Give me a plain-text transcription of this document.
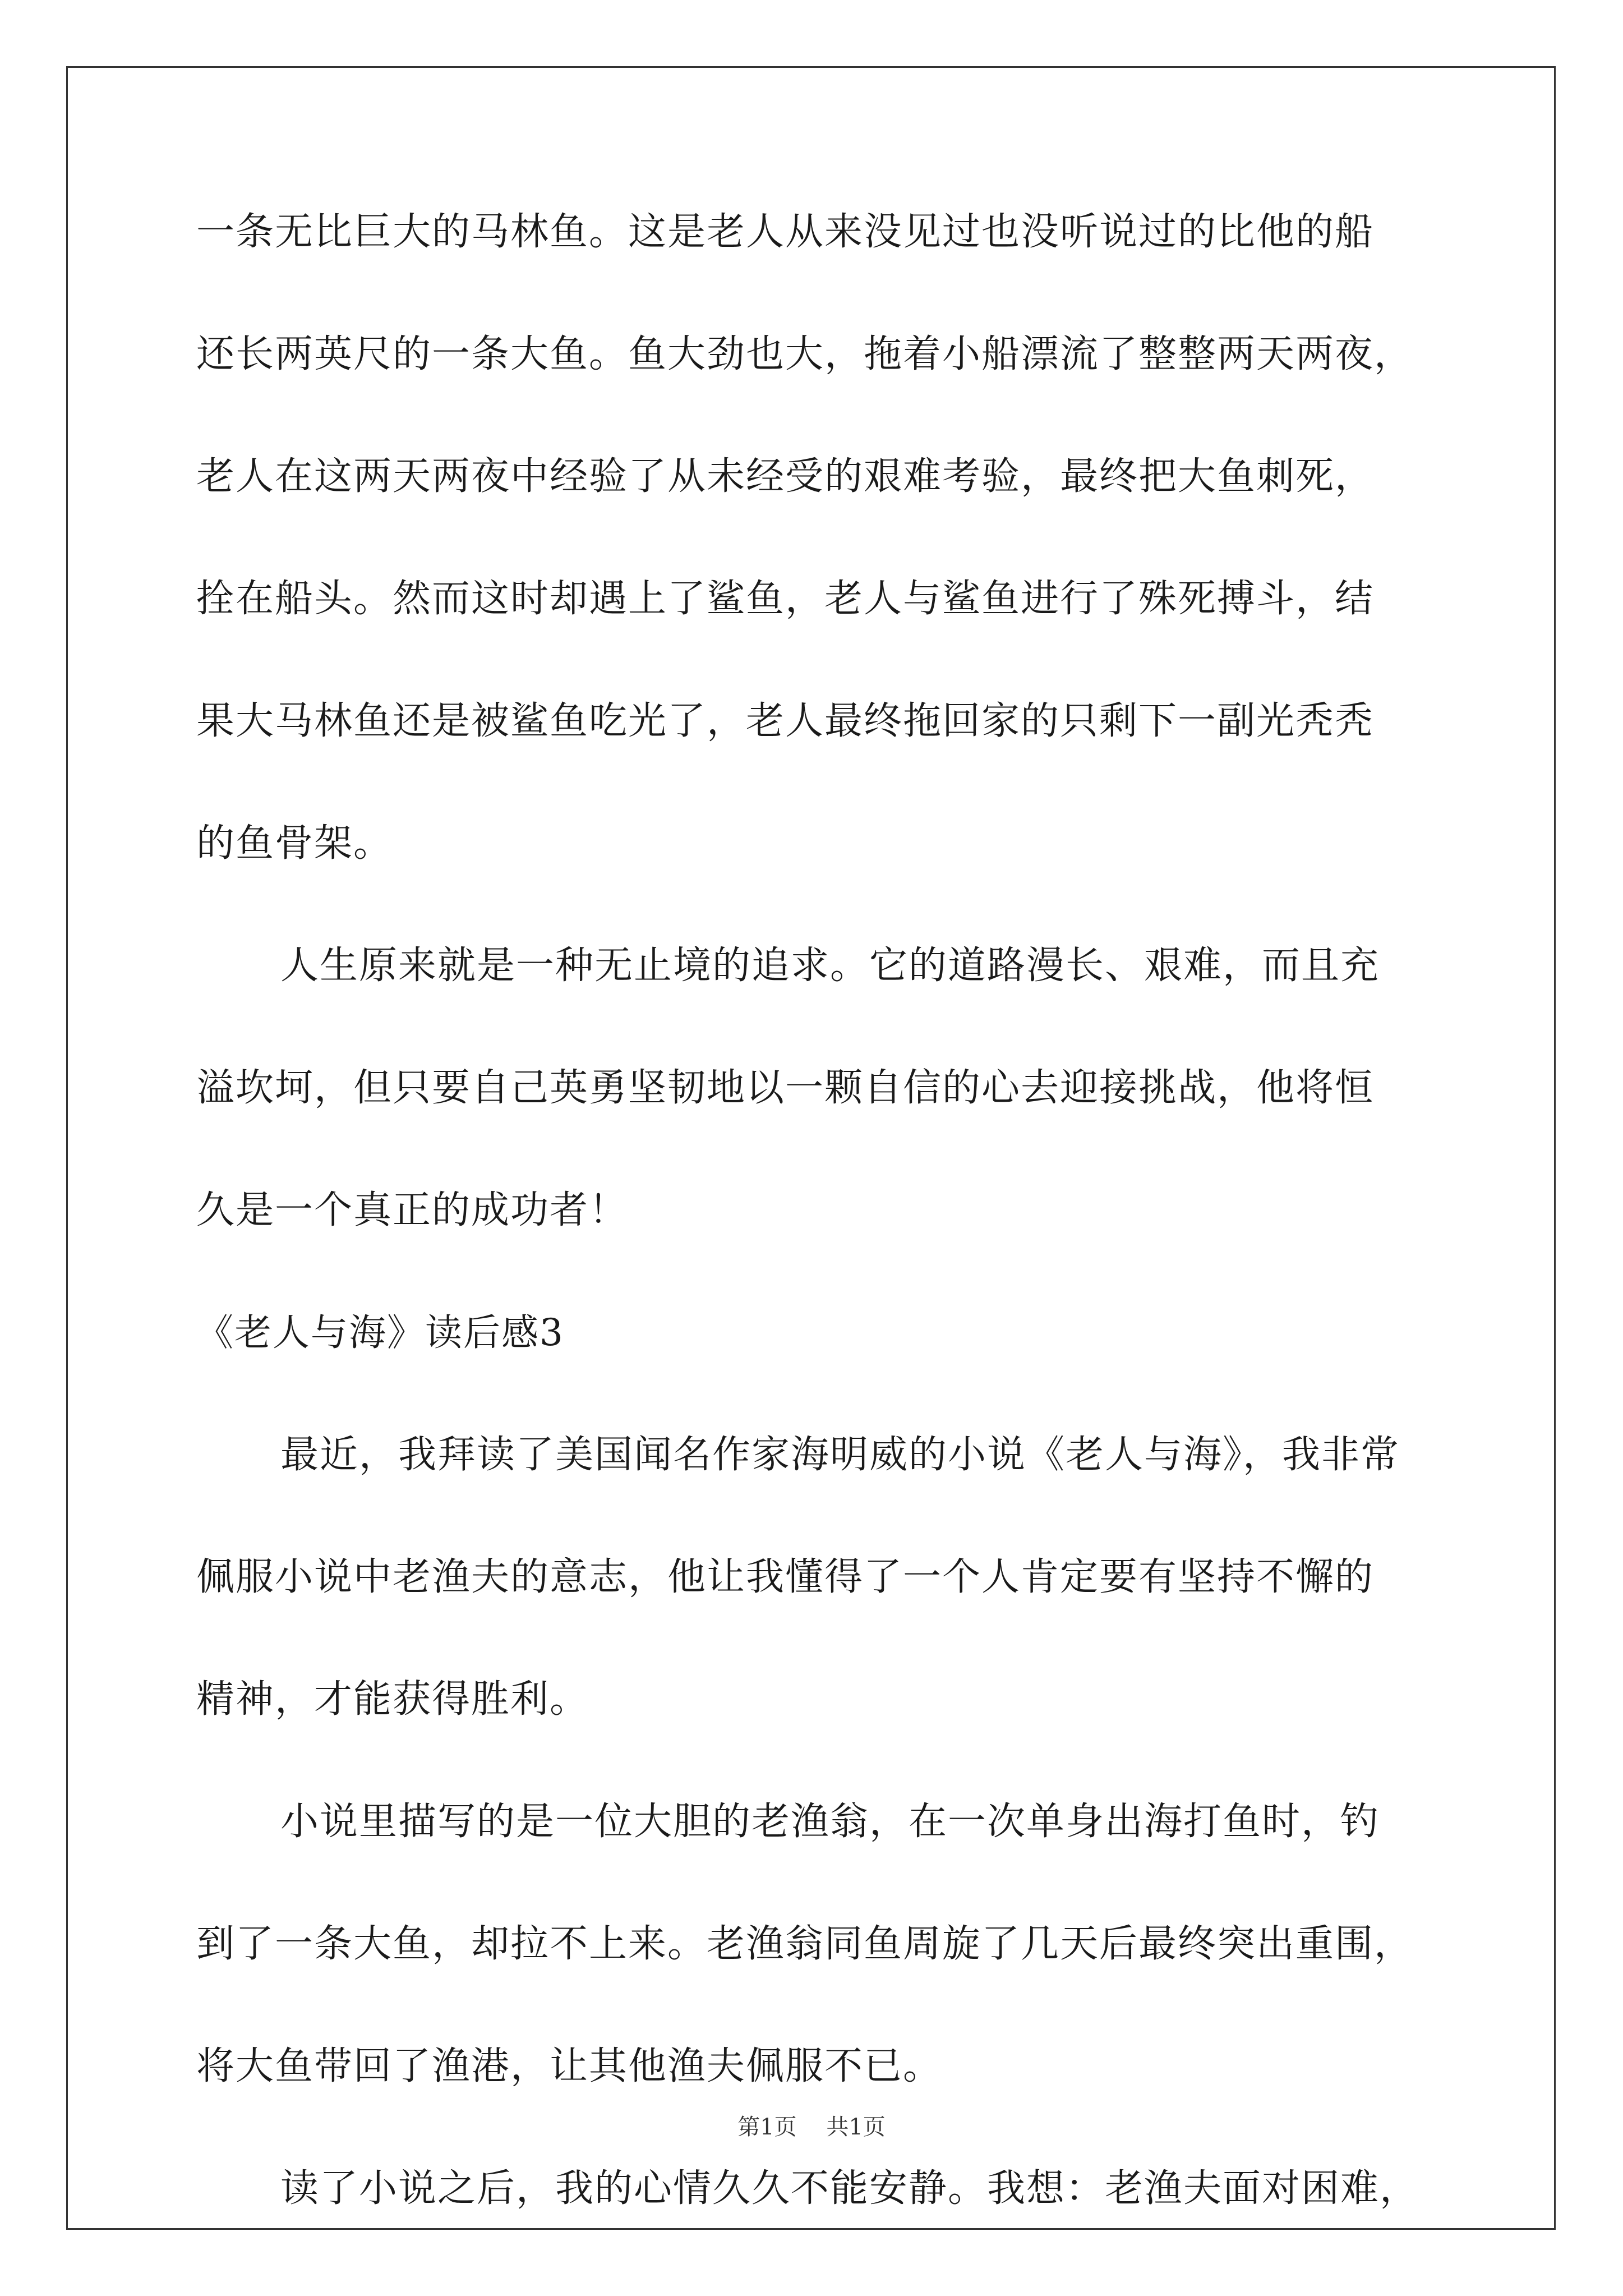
一条无比巨大的马林鱼。这是老人从来没见过也没听说过的比他的船
还长两英尺的一条大鱼。鱼大劲也大，拖着小船漂流了整整两天两夜，
老人在这两天两夜中经验了从未经受的艰难考验，最终把大鱼刺死，
拴在船头。然而这时却遇上了鲨鱼，老人与鲨鱼进行了殊死搏斗，结
果大马林鱼还是被鲨鱼吃光了，老人最终拖回家的只剩下一副光秃秃
的鱼骨架。
人生原来就是一种无止境的追求。它的道路漫长、艰难，而且充
溢坎坷，但只要自己英勇坚韧地以一颗自信的心去迎接挑战，他将恒
久是一个真正的成功者！
《老人与海》读后感3
最近，我拜读了美国闻名作家海明威的小说《老人与海》，我非常
佩服小说中老渔夫的意志，他让我懂得了一个人肯定要有坚持不懈的
精神，才能获得胜利。
小说里描写的是一位大胆的老渔翁，在一次单身出海打鱼时，钓
到了一条大鱼，却拉不上来。老渔翁同鱼周旋了几天后最终突出重围，
将大鱼带回了渔港，让其他渔夫佩服不已。
读了小说之后，我的心情久久不能安静。我想：老渔夫面对困难，
第1页 共1页
